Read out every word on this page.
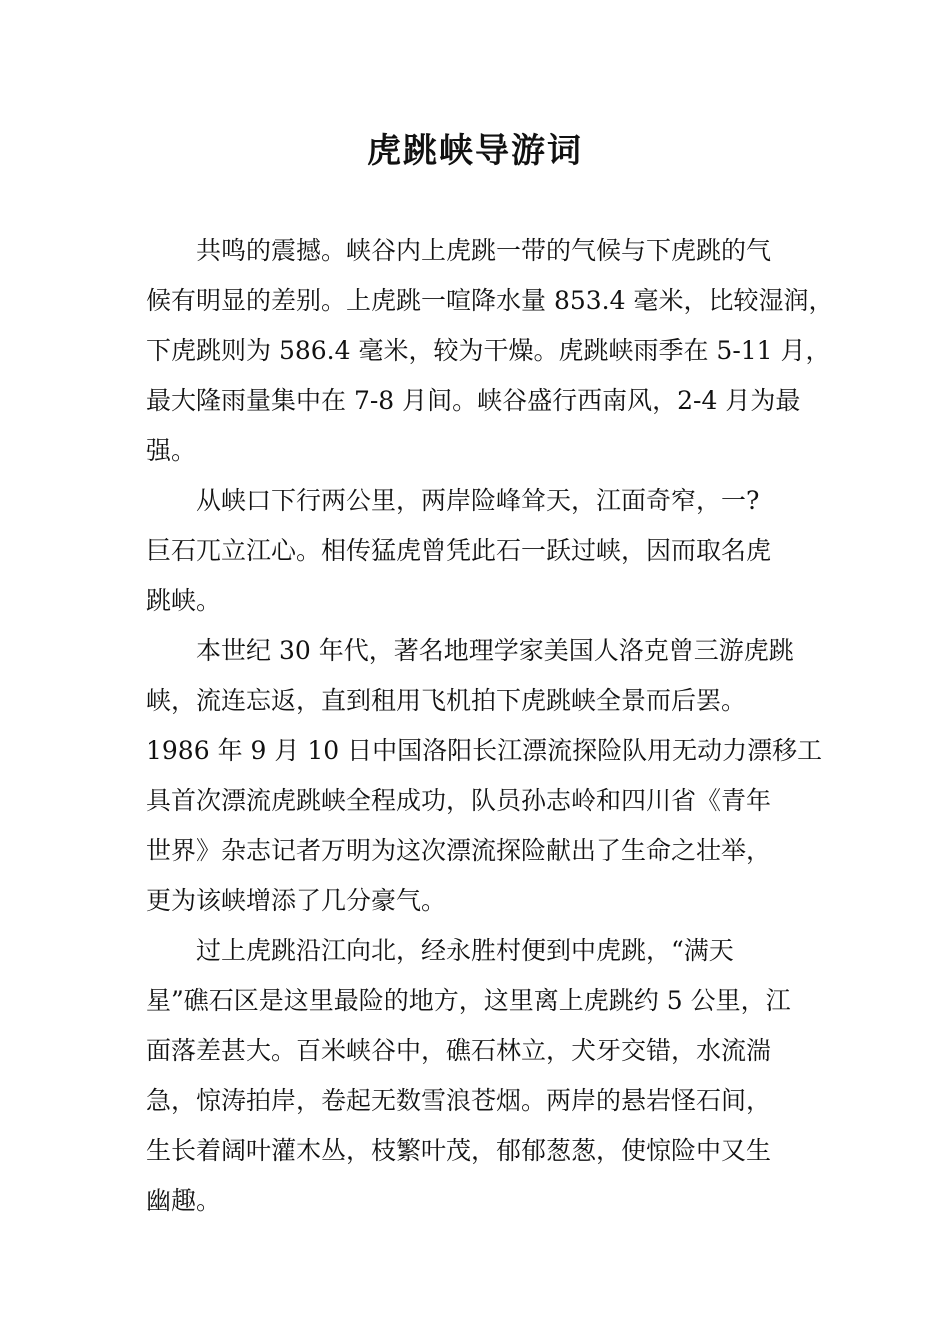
虎跳峡导游词
共鸣的震撼。峡谷内上虎跳一带的气候与下虎跳的气
候有明显的差别。上虎跳一喧降水量 853.4 毫米，比较湿润，
下虎跳则为 586.4 毫米，较为干燥。虎跳峡雨季在 5-11 月，
最大隆雨量集中在 7-8 月间。峡谷盛行西南风，2-4 月为最
强。
从峡口下行两公里，两岸险峰耸天，江面奇窄，一?
巨石兀立江心。相传猛虎曾凭此石一跃过峡，因而取名虎
跳峡。
本世纪 30 年代，著名地理学家美国人洛克曾三游虎跳
峡，流连忘返，直到租用飞机拍下虎跳峡全景而后罢。
1986 年 9 月 10 日中国洛阳长江漂流探险队用无动力漂移工
具首次漂流虎跳峡全程成功，队员孙志岭和四川省《青年
世界》杂志记者万明为这次漂流探险献出了生命之壮举，
更为该峡增添了几分豪气。
过上虎跳沿江向北，经永胜村便到中虎跳，“满天
星”礁石区是这里最险的地方，这里离上虎跳约 5 公里，江
面落差甚大。百米峡谷中，礁石林立，犬牙交错，水流湍
急，惊涛拍岸，卷起无数雪浪苍烟。两岸的悬岩怪石间，
生长着阔叶灌木丛，枝繁叶茂，郁郁葱葱，使惊险中又生
幽趣。
